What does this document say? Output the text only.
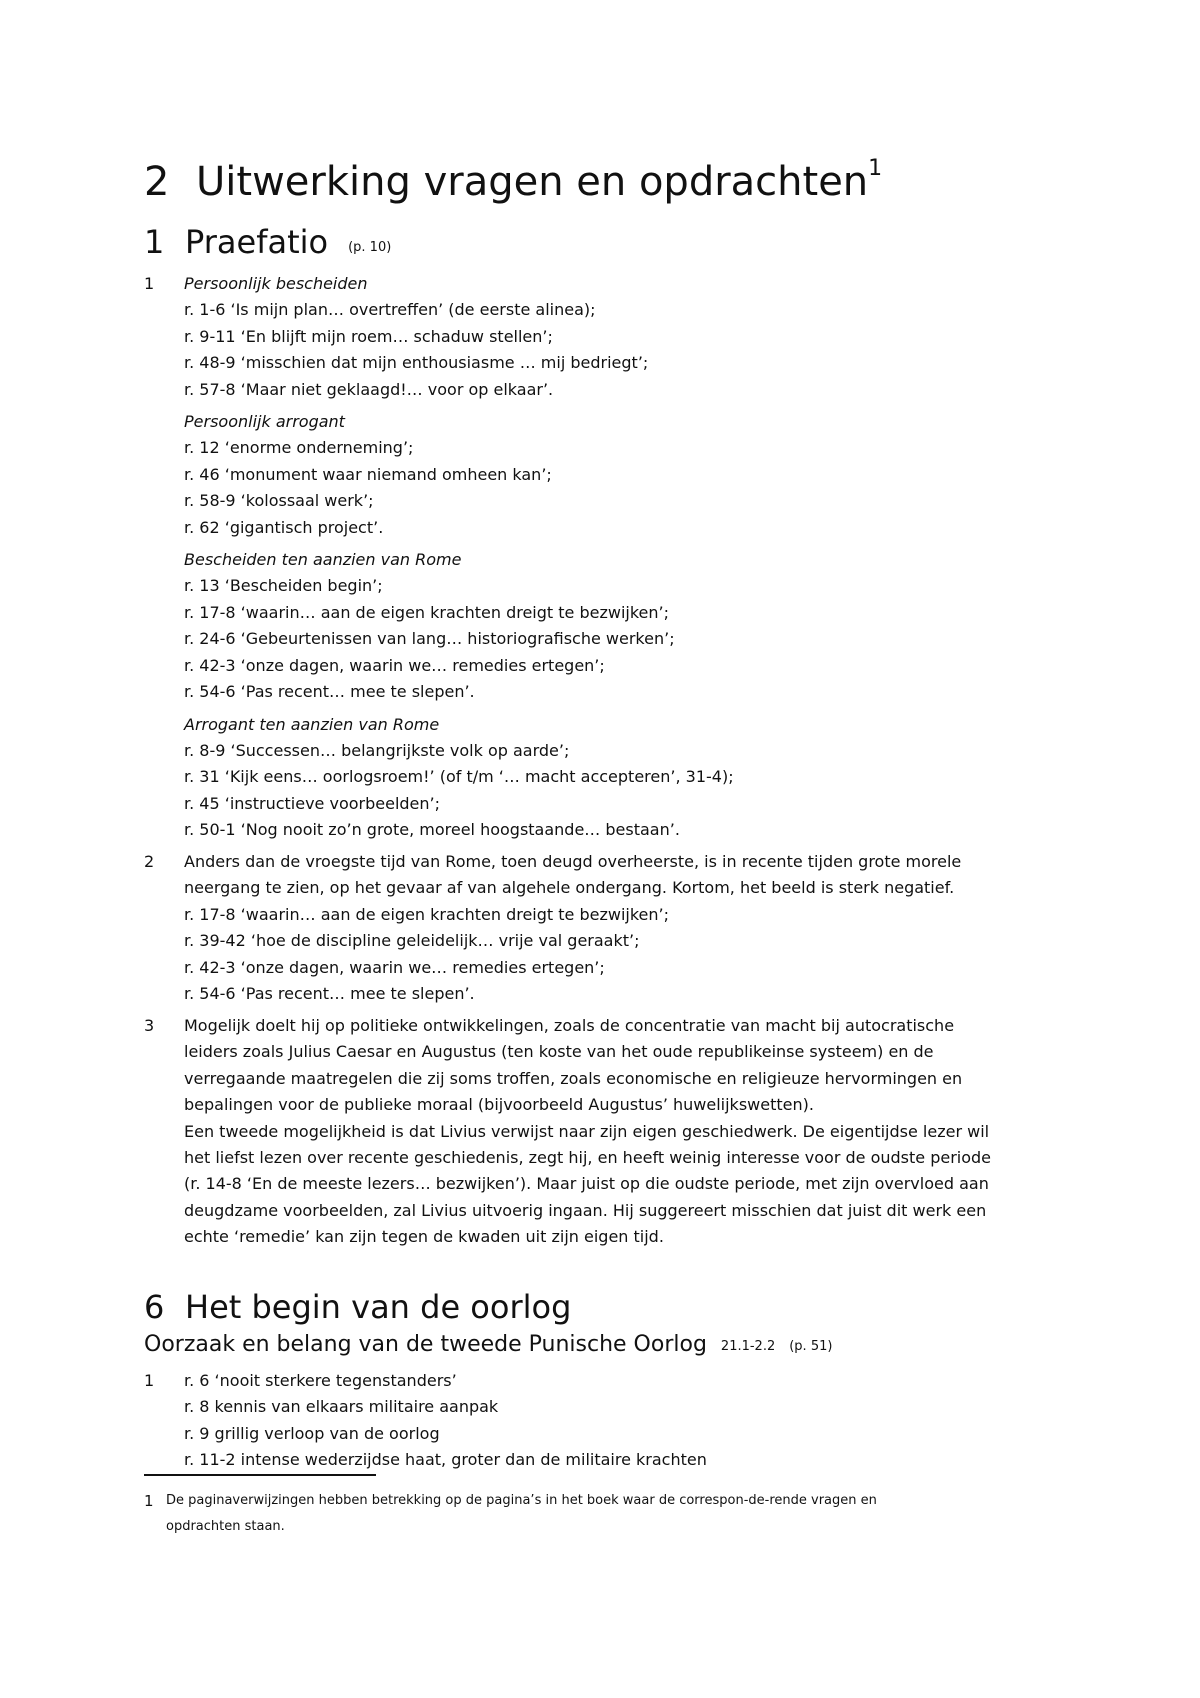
2 Uitwerking vragen en opdrachten$^1$
1 Praefatio (p. 10)
1 Persoonlijk bescheiden
r. 1-6 ‘Is mijn plan… overtreffen’ (de eerste alinea);
r. 9-11 ‘En blijft mijn roem… schaduw stellen’;
r. 48-9 ‘misschien dat mijn enthousiasme … mij bedriegt’;
r. 57-8 ‘Maar niet geklaagd!… voor op elkaar’.
Persoonlijk arrogant
r. 12 ‘enorme onderneming’;
r. 46 ‘monument waar niemand omheen kan’;
r. 58-9 ‘kolossaal werk’;
r. 62 ‘gigantisch project’.
Bescheiden ten aanzien van Rome
r. 13 ‘Bescheiden begin’;
r. 17-8 ‘waarin… aan de eigen krachten dreigt te bezwijken’;
r. 24-6 ‘Gebeurtenissen van lang… historiografische werken’;
r. 42-3 ‘onze dagen, waarin we… remedies ertegen’;
r. 54-6 ‘Pas recent… mee te slepen’.
Arrogant ten aanzien van Rome
r. 8-9 ‘Successen… belangrijkste volk op aarde’;
r. 31 ‘Kijk eens… oorlogsroem!’ (of t/m ‘… macht accepteren’, 31-4);
r. 45 ‘instructieve voorbeelden’;
r. 50-1 ‘Nog nooit zo’n grote, moreel hoogstaande… bestaan’.
2 Anders dan de vroegste tijd van Rome, toen deugd overheerste, is in recente tijden grote morele
neergang te zien, op het gevaar af van algehele ondergang. Kortom, het beeld is sterk negatief.
r. 17-8 ‘waarin… aan de eigen krachten dreigt te bezwijken’;
r. 39-42 ‘hoe de discipline geleidelijk… vrije val geraakt’;
r. 42-3 ‘onze dagen, waarin we… remedies ertegen’;
r. 54-6 ‘Pas recent… mee te slepen’.
3 Mogelijk doelt hij op politieke ontwikkelingen, zoals de concentratie van macht bij autocratische
leiders zoals Julius Caesar en Augustus (ten koste van het oude republikeinse systeem) en de
verregaande maatregelen die zij soms troffen, zoals economische en religieuze hervormingen en
bepalingen voor de publieke moraal (bijvoorbeeld Augustus’ huwelijkswetten).
Een tweede mogelijkheid is dat Livius verwijst naar zijn eigen geschiedwerk. De eigentijdse lezer wil
het liefst lezen over recente geschiedenis, zegt hij, en heeft weinig interesse voor de oudste periode
(r. 14-8 ‘En de meeste lezers… bezwijken’). Maar juist op die oudste periode, met zijn overvloed aan
deugdzame voorbeelden, zal Livius uitvoerig ingaan. Hij suggereert misschien dat juist dit werk een
echte ‘remedie’ kan zijn tegen de kwaden uit zijn eigen tijd.
6 Het begin van de oorlog
Oorzaak en belang van de tweede Punische Oorlog 21.1-2.2 (p. 51)
1 r. 6 ‘nooit sterkere tegenstanders’
r. 8 kennis van elkaars militaire aanpak
r. 9 grillig verloop van de oorlog
r. 11-2 intense wederzijdse haat, groter dan de militaire krachten
1 De paginaverwijzingen hebben betrekking op de pagina’s in het boek waar de correspon-de-rende vragen en
opdrachten staan.
